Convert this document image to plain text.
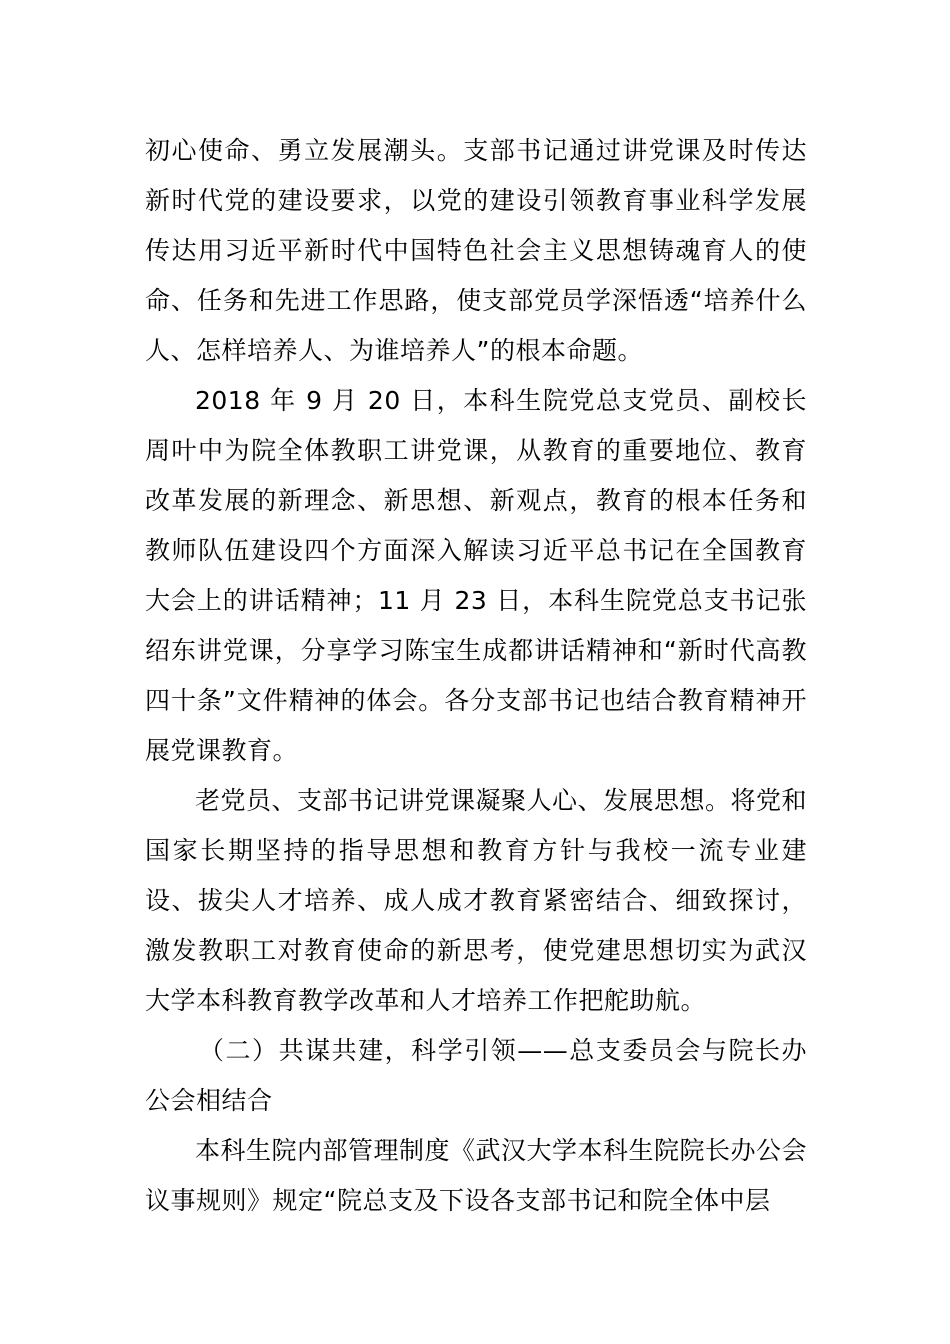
初心使命、勇立发展潮头。支部书记通过讲党课及时传达新时代党的建设要求，以党的建设引领教育事业科学发展传达用习近平新时代中国特色社会主义思想铸魂育人的使命、任务和先进工作思路，使支部党员学深悟透“培养什么人、怎样培养人、为谁培养人”的根本命题。

2018 年 9 月 20 日，本科生院党总支党员、副校长周叶中为院全体教职工讲党课，从教育的重要地位、教育改革发展的新理念、新思想、新观点，教育的根本任务和教师队伍建设四个方面深入解读习近平总书记在全国教育大会上的讲话精神；11 月 23 日，本科生院党总支书记张绍东讲党课，分享学习陈宝生成都讲话精神和“新时代高教四十条”文件精神的体会。各分支部书记也结合教育精神开展党课教育。

老党员、支部书记讲党课凝聚人心、发展思想。将党和国家长期坚持的指导思想和教育方针与我校一流专业建设、拔尖人才培养、成人成才教育紧密结合、细致探讨，激发教职工对教育使命的新思考，使党建思想切实为武汉大学本科教育教学改革和人才培养工作把舵助航。

（二）共谋共建，科学引领——总支委员会与院长办公会相结合

本科生院内部管理制度《武汉大学本科生院院长办公会议事规则》规定“院总支及下设各支部书记和院全体中层
